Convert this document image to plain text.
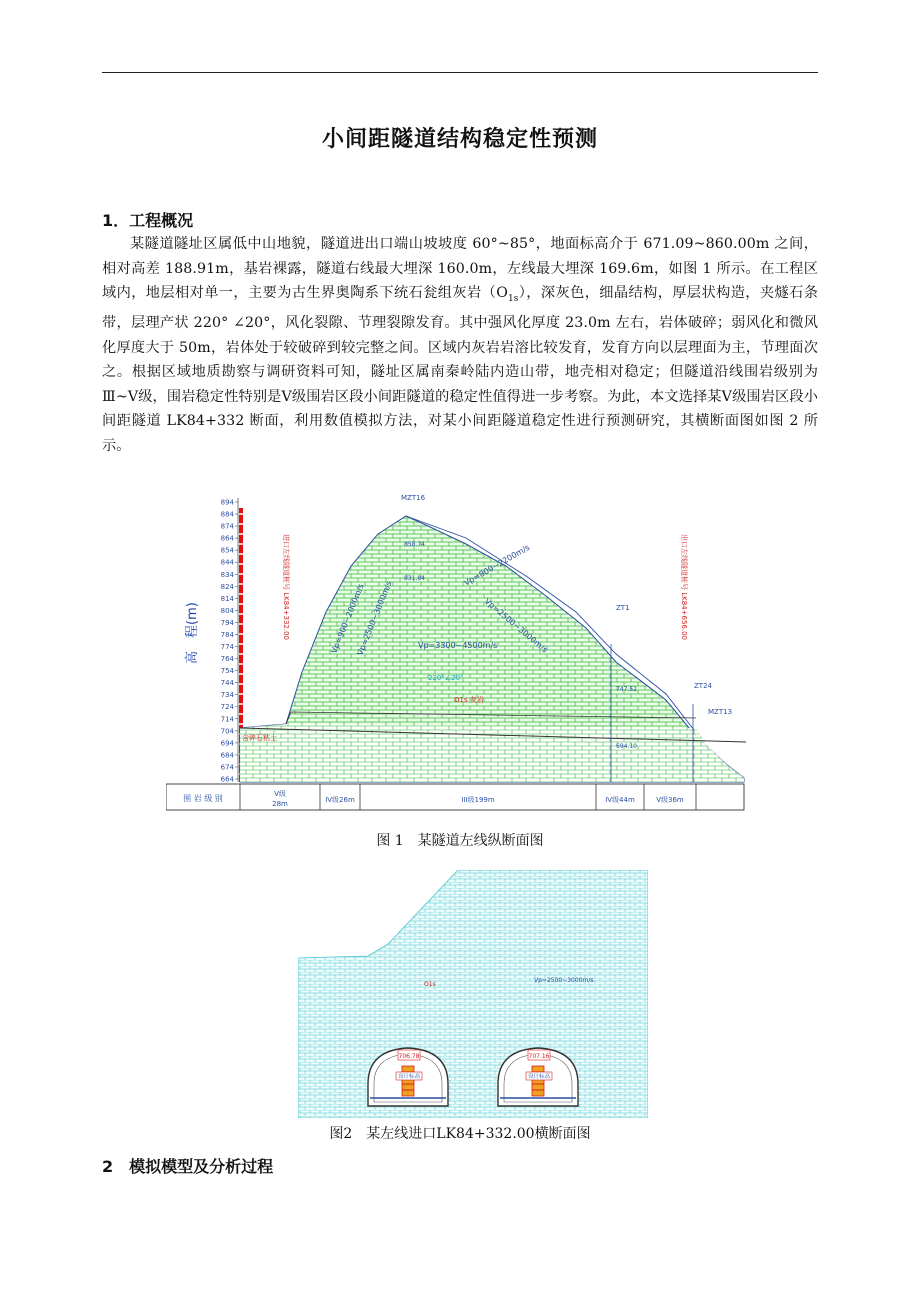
小间距隧道结构稳定性预测
1．工程概况
某隧道隧址区属低中山地貌，隧道进出口端山坡坡度 60°~85°，地面标高介于 671.09~860.00m 之间，相对高差 188.91m，基岩裸露，隧道右线最大埋深 160.0m，左线最大埋深 169.6m，如图 1 所示。在工程区域内，地层相对单一，主要为古生界奥陶系下统石瓮组灰岩$(O_{1s})$，深灰色，细晶结构，厚层状构造，夹燧石条带，层理产状 220° ∠20°，风化裂隙、节理裂隙发育。其中强风化厚度 23.0m 左右，岩体破碎；弱风化和微风化厚度大于 50m，岩体处于较破碎到较完整之间。区域内灰岩岩溶比较发育，发育方向以层理面为主，节理面次之。根据区域地质勘察与调研资料可知，隧址区属南秦岭陆内造山带，地壳相对稳定；但隧道沿线围岩级别为Ⅲ~Ⅴ级，围岩稳定性特别是Ⅴ级围岩区段小间距隧道的稳定性值得进一步考察。为此，本文选择某Ⅴ级围岩区段小间距隧道 LK84+332 断面，利用数值模拟方法，对某小间距隧道稳定性进行预测研究，其横断面图如图 2 所示。
894
884
874
864
854
844
834
824
814
804
794
784
774
764
754
744
734
724
714
704
694
684
674
664
高　程(m)
MZT16
ZT1
ZT24
MZT13
858.74
831.84
747.52
694.10
Vp=900~2000m/s
Vp=2500~3000m/s
Vp=800~2200m/s
Vp=2500~3000m/s
Vp=3300~4500m/s
220°∠20°
O1s 灰岩
含碎石粘土
进口左线隧道桩号 LK84+332.00	出口左线隧道桩号 LK84+656.00
围 岩 级 别	V级
28m	IV级26m	III级199m	IV级44m	V级36m
图 1　某隧道左线纵断面图
Vp=2500~3000m/s
O1s
706.78
设计标高
707.16
设计标高
图2　某左线进口LK84+332.00横断面图
2　模拟模型及分析过程
